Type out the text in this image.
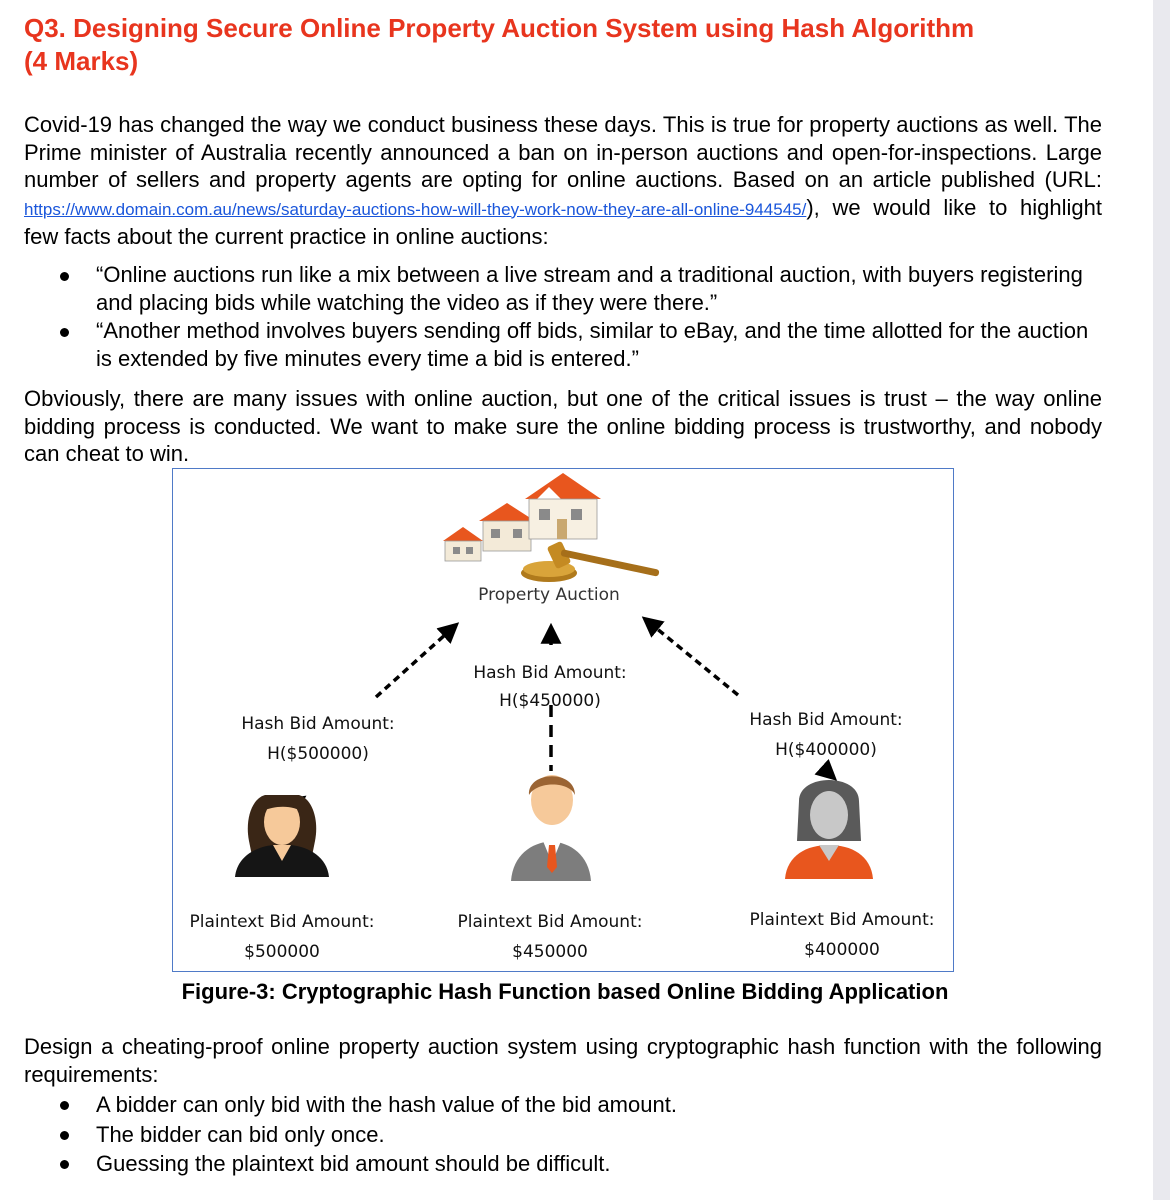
Q3. Designing Secure Online Property Auction System using Hash Algorithm
(4 Marks)
Covid-19 has changed the way we conduct business these days. This is true for property auctions as well. The Prime minister of Australia recently announced a ban on in-person auctions and open-for-inspections. Large number of sellers and property agents are opting for online auctions. Based on an article published (URL: https://www.domain.com.au/news/saturday-auctions-how-will-they-work-now-they-are-all-online-944545/), we would like to highlight few facts about the current practice in online auctions:
“Online auctions run like a mix between a live stream and a traditional auction, with buyers registering and placing bids while watching the video as if they were there.”
“Another method involves buyers sending off bids, similar to eBay, and the time allotted for the auction is extended by five minutes every time a bid is entered.”
Obviously, there are many issues with online auction, but one of the critical issues is trust – the way online bidding process is conducted. We want to make sure the online bidding process is trustworthy, and nobody can cheat to win.
Property Auction
Hash Bid Amount:
H($450000)
Hash Bid Amount:
H($500000)
Hash Bid Amount:
H($400000)
Plaintext Bid Amount:
$500000
Plaintext Bid Amount:
$450000
Plaintext Bid Amount:
$400000
Figure-3: Cryptographic Hash Function based Online Bidding Application
Design a cheating-proof online property auction system using cryptographic hash function with the following requirements:
A bidder can only bid with the hash value of the bid amount.
The bidder can bid only once.
Guessing the plaintext bid amount should be difficult.
